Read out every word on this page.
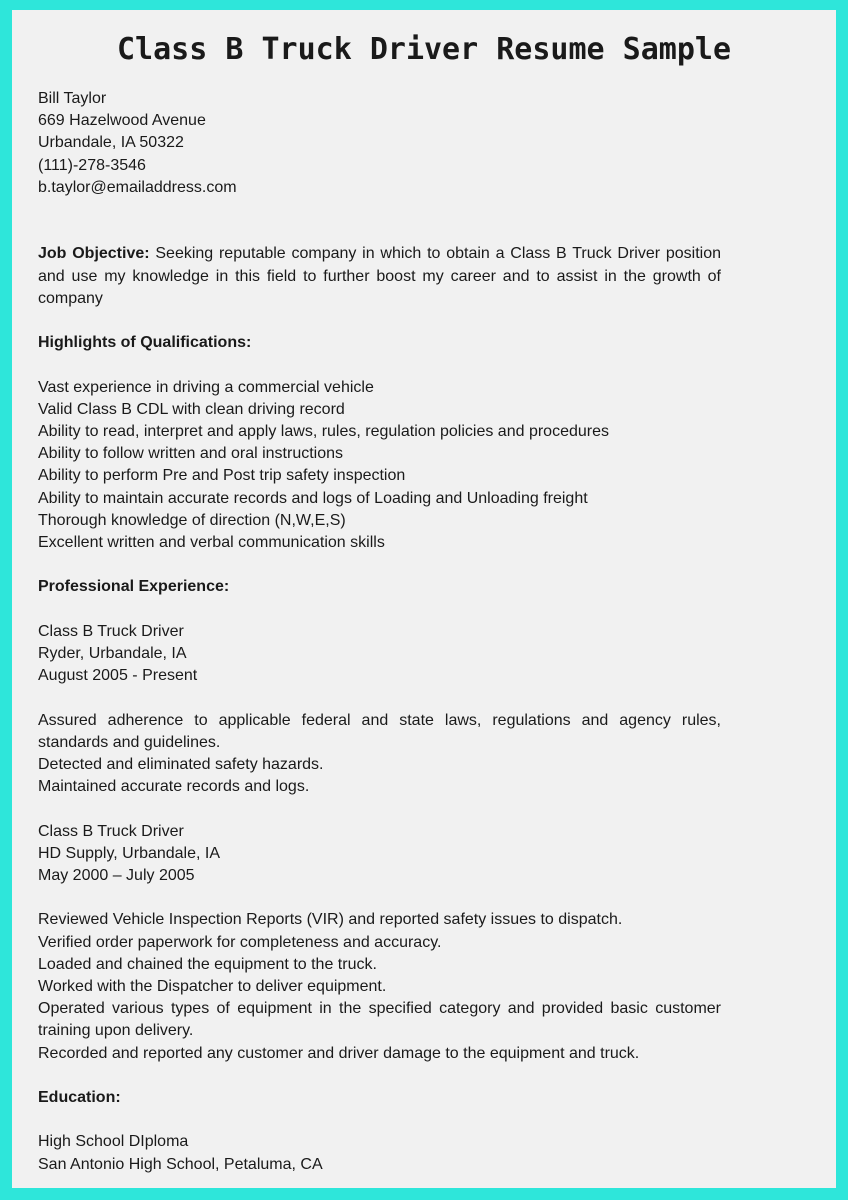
Class B Truck Driver Resume Sample
Bill Taylor
669 Hazelwood Avenue
Urbandale, IA 50322
(111)-278-3546
b.taylor@emailaddress.com
Job Objective: Seeking reputable company in which to obtain a Class B Truck Driver position and use my knowledge in this field to further boost my career and to assist in the growth of company
Highlights of Qualifications:
Vast experience in driving a commercial vehicle
Valid Class B CDL with clean driving record
Ability to read, interpret and apply laws, rules, regulation policies and procedures
Ability to follow written and oral instructions
Ability to perform Pre and Post trip safety inspection
Ability to maintain accurate records and logs of Loading and Unloading freight
Thorough knowledge of direction (N,W,E,S)
Excellent written and verbal communication skills
Professional Experience:
Class B Truck Driver
Ryder, Urbandale, IA
August 2005 - Present
Assured adherence to applicable federal and state laws, regulations and agency rules, standards and guidelines.
Detected and eliminated safety hazards.
Maintained accurate records and logs.
Class B Truck Driver
HD Supply, Urbandale, IA
May 2000 – July 2005
Reviewed Vehicle Inspection Reports (VIR) and reported safety issues to dispatch.
Verified order paperwork for completeness and accuracy.
Loaded and chained the equipment to the truck.
Worked with the Dispatcher to deliver equipment.
Operated various types of equipment in the specified category and provided basic customer training upon delivery.
Recorded and reported any customer and driver damage to the equipment and truck.
Education:
High School DIploma
San Antonio High School, Petaluma, CA
